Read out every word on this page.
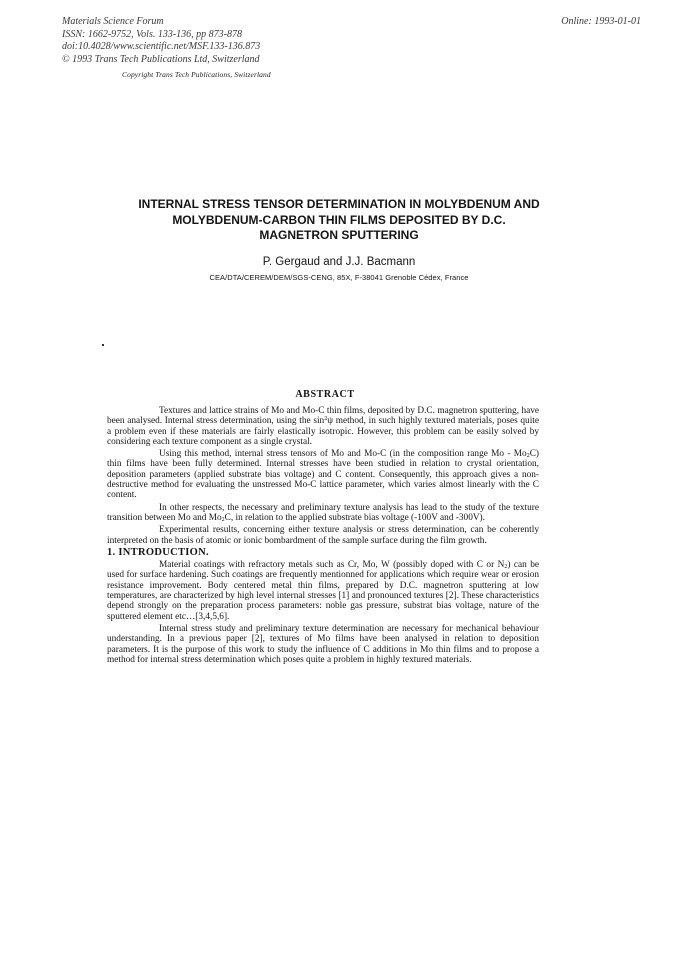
Materials Science Forum
ISSN: 1662-9752, Vols. 133-136, pp 873-878
doi:10.4028/www.scientific.net/MSF.133-136.873
© 1993 Trans Tech Publications Ltd, Switzerland
Online: 1993-01-01
Copyright Trans Tech Publications, Switzerland
INTERNAL STRESS TENSOR DETERMINATION IN MOLYBDENUM AND
MOLYBDENUM-CARBON THIN FILMS DEPOSITED BY D.C.
MAGNETRON SPUTTERING
P. Gergaud and J.J. Bacmann
CEA/DTA/CEREM/DEM/SGS-CENG, 85X, F-38041 Grenoble Cédex, France
ABSTRACT

Textures and lattice strains of Mo and Mo-C thin films, deposited by D.C. magnetron sputtering, have been analysed. Internal stress determination, using the $\sin^2\psi$ method, in such highly textured materials, poses quite a problem even if these materials are fairly elastically isotropic. However, this problem can be easily solved by considering each texture component as a single crystal.

Using this method, internal stress tensors of Mo and Mo-C (in the composition range Mo - $Mo_2C$) thin films have been fully determined. Internal stresses have been studied in relation to crystal orientation, deposition parameters (applied substrate bias voltage) and C content. Consequently, this approach gives a non-destructive method for evaluating the unstressed Mo-C lattice parameter, which varies almost linearly with the C content.

In other respects, the necessary and preliminary texture analysis has lead to the study of the texture transition between Mo and $Mo_2C$, in relation to the applied substrate bias voltage (-100V and -300V).

Experimental results, concerning either texture analysis or stress determination, can be coherently interpreted on the basis of atomic or ionic bombardment of the sample surface during the film growth.

1. INTRODUCTION.

Material coatings with refractory metals such as Cr, Mo, W (possibly doped with C or $N_2$) can be used for surface hardening. Such coatings are frequently mentionned for applications which require wear or erosion resistance improvement. Body centered metal thin films, prepared by D.C. magnetron sputtering at low temperatures, are characterized by high level internal stresses [1] and pronounced textures [2]. These characteristics depend strongly on the preparation process parameters: noble gas pressure, substrat bias voltage, nature of the sputtered element etc…[3,4,5,6].

Internal stress study and preliminary texture determination are necessary for mechanical behaviour understanding. In a previous paper [2], textures of Mo films have been analysed in relation to deposition parameters. It is the purpose of this work to study the influence of C additions in Mo thin films and to propose a method for internal stress determination which poses quite a problem in highly textured materials.
